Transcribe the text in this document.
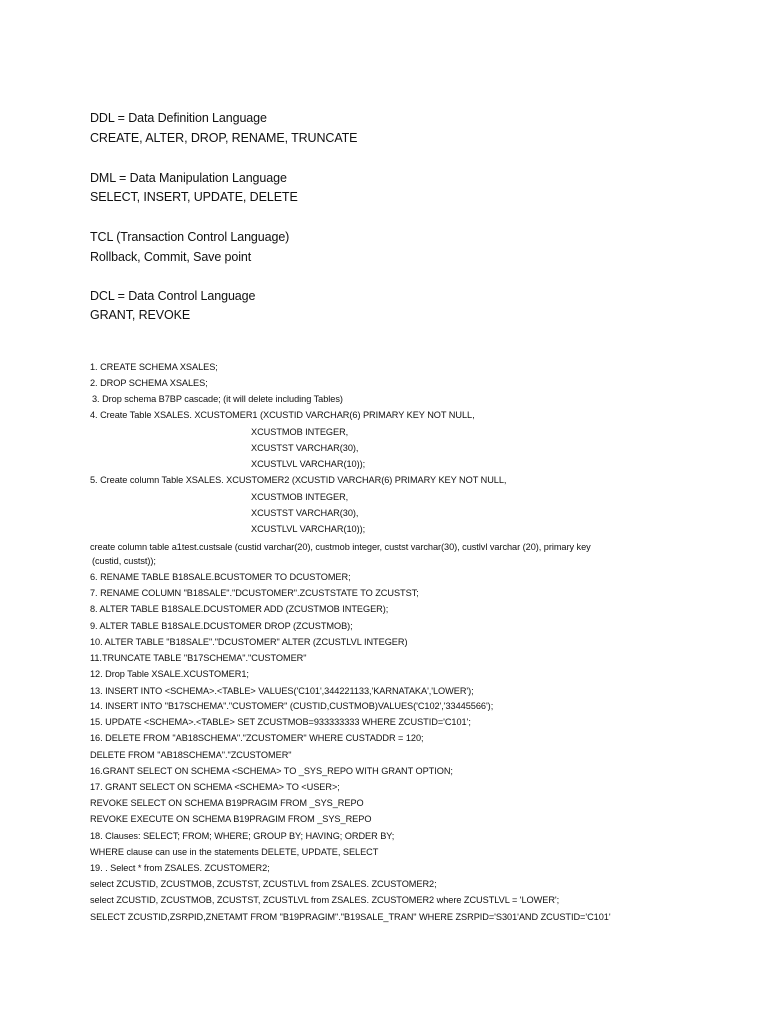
DDL = Data Definition Language
CREATE, ALTER, DROP, RENAME, TRUNCATE
DML = Data Manipulation Language
SELECT, INSERT, UPDATE, DELETE
TCL (Transaction Control Language)
Rollback, Commit, Save point
DCL = Data Control Language
GRANT, REVOKE
1. CREATE SCHEMA XSALES;
2. DROP SCHEMA XSALES;
3. Drop schema B7BP cascade; (it will delete including Tables)
4. Create Table XSALES. XCUSTOMER1 (XCUSTID VARCHAR(6) PRIMARY KEY NOT NULL,
XCUSTMOB INTEGER,
XCUSTST VARCHAR(30),
XCUSTLVL VARCHAR(10));
5. Create column Table XSALES. XCUSTOMER2 (XCUSTID VARCHAR(6) PRIMARY KEY NOT NULL,
XCUSTMOB INTEGER,
XCUSTST VARCHAR(30),
XCUSTLVL VARCHAR(10));
create column table a1test.custsale (custid varchar(20), custmob integer, custst varchar(30), custlvl varchar (20), primary key
(custid, custst));
6. RENAME TABLE B18SALE.BCUSTOMER TO DCUSTOMER;
7. RENAME COLUMN "B18SALE"."DCUSTOMER".ZCUSTSTATE TO ZCUSTST;
8. ALTER TABLE B18SALE.DCUSTOMER ADD (ZCUSTMOB INTEGER);
9. ALTER TABLE B18SALE.DCUSTOMER DROP (ZCUSTMOB);
10. ALTER TABLE "B18SALE"."DCUSTOMER" ALTER (ZCUSTLVL INTEGER)
11.TRUNCATE TABLE "B17SCHEMA"."CUSTOMER"
12. Drop Table XSALE.XCUSTOMER1;
13. INSERT INTO <SCHEMA>.<TABLE> VALUES('C101',344221133,'KARNATAKA','LOWER');
14. INSERT INTO "B17SCHEMA"."CUSTOMER" (CUSTID,CUSTMOB)VALUES('C102','33445566');
15. UPDATE <SCHEMA>.<TABLE> SET ZCUSTMOB=933333333 WHERE ZCUSTID='C101';
16. DELETE FROM "AB18SCHEMA"."ZCUSTOMER" WHERE CUSTADDR = 120;
DELETE FROM "AB18SCHEMA"."ZCUSTOMER"
16.GRANT SELECT ON SCHEMA <SCHEMA> TO _SYS_REPO WITH GRANT OPTION;
17. GRANT SELECT ON SCHEMA <SCHEMA> TO <USER>;
REVOKE SELECT ON SCHEMA B19PRAGIM FROM _SYS_REPO
REVOKE EXECUTE ON SCHEMA B19PRAGIM FROM _SYS_REPO
18. Clauses: SELECT; FROM; WHERE; GROUP BY; HAVING; ORDER BY;
WHERE clause can use in the statements DELETE, UPDATE, SELECT
19. . Select * from ZSALES. ZCUSTOMER2;
select ZCUSTID, ZCUSTMOB, ZCUSTST, ZCUSTLVL from ZSALES. ZCUSTOMER2;
select ZCUSTID, ZCUSTMOB, ZCUSTST, ZCUSTLVL from ZSALES. ZCUSTOMER2 where ZCUSTLVL = 'LOWER';
SELECT ZCUSTID,ZSRPID,ZNETAMT FROM "B19PRAGIM"."B19SALE_TRAN" WHERE ZSRPID='S301'AND ZCUSTID='C101'
